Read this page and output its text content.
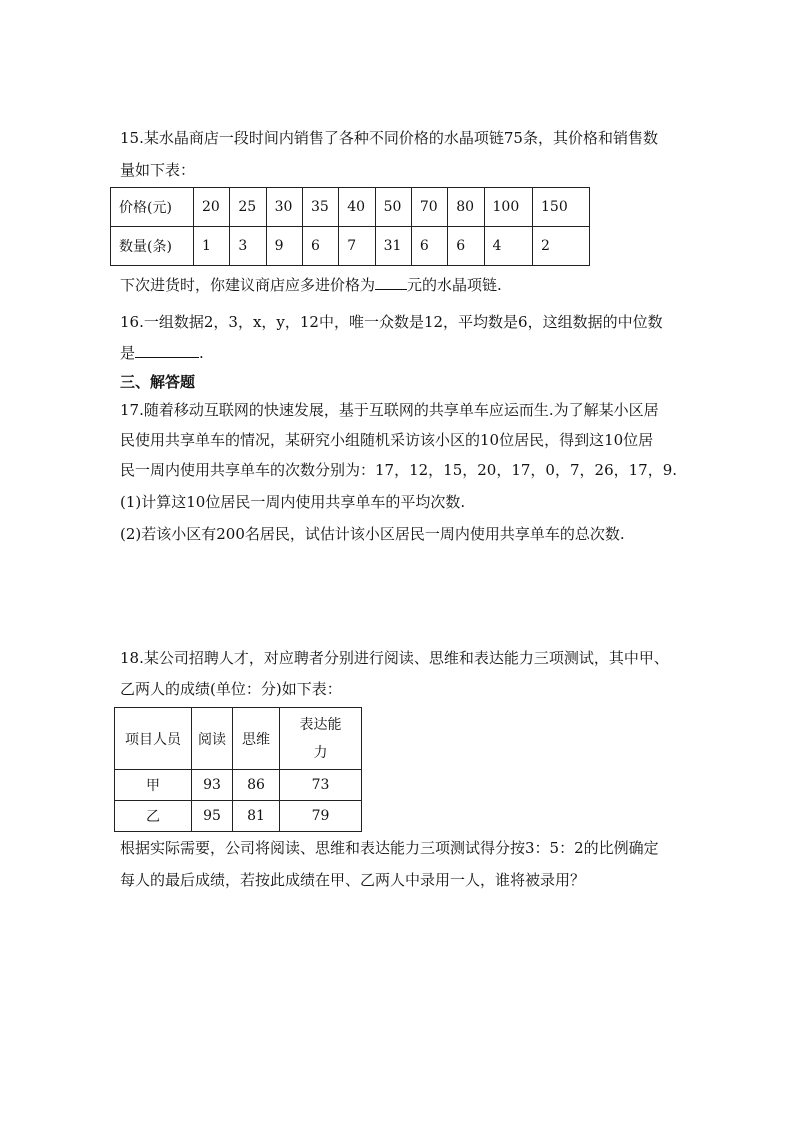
15.某水晶商店一段时间内销售了各种不同价格的水晶项链75条，其价格和销售数
量如下表：
价格(元)	20	25	30	35	40	50	70	80	100	150
数量(条)	1	3	9	6	7	31	6	6	4	2
下次进货时，你建议商店应多进价格为 元的水晶项链.
16.一组数据2，3，x，y，12中，唯一众数是12，平均数是6，这组数据的中位数
是	.
三、解答题
17.随着移动互联网的快速发展，基于互联网的共享单车应运而生.为了解某小区居
民使用共享单车的情况，某研究小组随机采访该小区的10位居民，得到这10位居
民一周内使用共享单车的次数分别为：17，12，15，20，17，0，7，26，17，9.
(1)计算这10位居民一周内使用共享单车的平均次数.
(2)若该小区有200名居民，试估计该小区居民一周内使用共享单车的总次数.
18.某公司招聘人才，对应聘者分别进行阅读、思维和表达能力三项测试，其中甲、
乙两人的成绩(单位：分)如下表：
项目人员	阅读	思维	表达能
力

甲	93	86	73
乙	95	81	79
根据实际需要，公司将阅读、思维和表达能力三项测试得分按3：5：2的比例确定
每人的最后成绩，若按此成绩在甲、乙两人中录用一人，谁将被录用？
